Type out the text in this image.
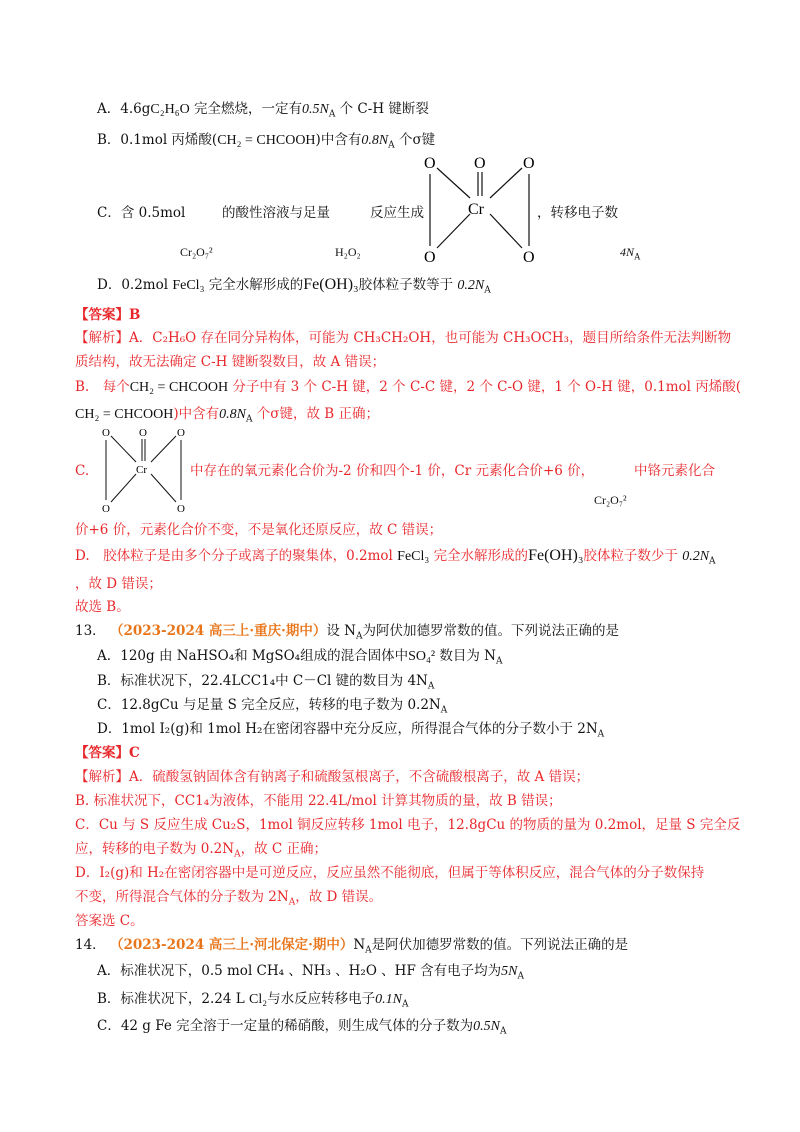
A．4.6gC₂H₆O 完全燃烧，一定有$0.5N_A$ 个 C-H 键断裂
B．0.1mol 丙烯酸(CH₂ = CHCOOH)中含有$0.8N_A$ 个σ键
C．含 0.5mol	的酸性溶液与足量	反应生成	，转移电子数
Cr₂O₇²	H₂O₂	$4N_A$
O O O
Cr
O	O
D．0.2mol FeCl₃ 完全水解形成的Fe(OH)₃胶体粒子数等于 $0.2N_A$
【答案】B
【解析】A．C₂H₆O 存在同分异构体，可能为 CH₃CH₂OH，也可能为 CH₃OCH₃，题目所给条件无法判断物
质结构，故无法确定 C-H 键断裂数目，故 A 错误；
B.　每个CH₂ = CHCOOH 分子中有 3 个 C-H 键，2 个 C-C 键，2 个 C-O 键，1 个 O-H 键，0.1mol 丙烯酸(
CH₂ = CHCOOH)中含有$0.8N_A$ 个σ键，故 B 正确；
O	O	O
Cr
O	O
C.	中存在的氧元素化合价为-2 价和四个-1 价，Cr 元素化合价+6 价，	中铬元素化合
Cr₂O₇²
价+6 价，元素化合价不变，不是氧化还原反应，故 C 错误；
D.　胶体粒子是由多个分子或离子的聚集体，0.2mol FeCl₃ 完全水解形成的Fe(OH)₃胶体粒子数少于 $0.2N_A$
，故 D 错误；
故选 B。
13． （2023-2024 高三上·重庆·期中）设 $N_A$为阿伏加德罗常数的值。下列说法正确的是
A．120g 由 NaHSO₄和 MgSO₄组成的混合固体中SO₄² 数目为 $N_A$
B．标准状况下，22.4LCC1₄中 C－Cl 键的数目为 $4N_A$
C．12.8gCu 与足量 S 完全反应，转移的电子数为 $0.2N_A$
D．1mol I₂(g)和 1mol H₂在密闭容器中充分反应，所得混合气体的分子数小于 $2N_A$
【答案】C
【解析】A．硫酸氢钠固体含有钠离子和硫酸氢根离子，不含硫酸根离子，故 A 错误；
B. 标准状况下，CC1₄为液体，不能用 22.4L/mol 计算其物质的量，故 B 错误；
C．Cu 与 S 反应生成 Cu₂S，1mol 铜反应转移 1mol 电子，12.8gCu 的物质的量为 0.2mol，足量 S 完全反
应，转移的电子数为 $0.2N_A$，故 C 正确；
D．I₂(g)和 H₂在密闭容器中是可逆反应，反应虽然不能彻底，但属于等体积反应，混合气体的分子数保持
不变，所得混合气体的分子数为 $2N_A$，故 D 错误。
答案选 C。
14． （2023-2024 高三上·河北保定·期中）$N_A$是阿伏加德罗常数的值。下列说法正确的是
A．标准状况下，0.5 mol CH₄ 、NH₃ 、H₂O 、HF 含有电子均为$5N_A$
B．标准状况下，2.24 L Cl₂与水反应转移电子$0.1N_A$
C．42 g Fe 完全溶于一定量的稀硝酸，则生成气体的分子数为$0.5N_A$
